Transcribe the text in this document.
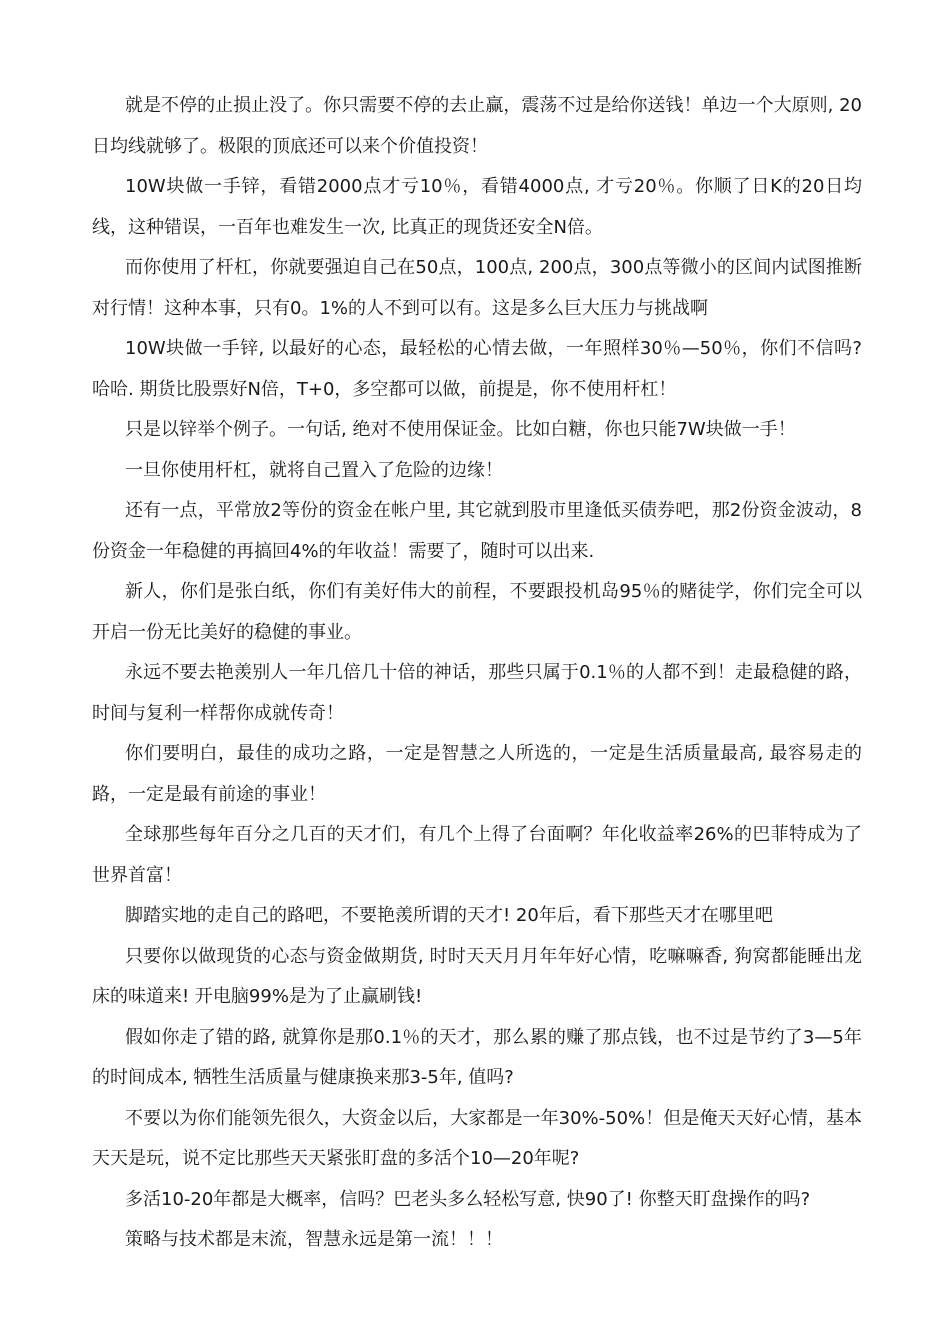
就是不停的止损止没了。你只需要不停的去止赢，震荡不过是给你送钱！单边一个大原则, 20日均线就够了。极限的顶底还可以来个价值投资！

10W块做一手锌，看错2000点才亏10％，看错4000点, 才亏20％。你顺了日K的20日均线，这种错误，一百年也难发生一次, 比真正的现货还安全N倍。

而你使用了杆杠，你就要强迫自己在50点，100点, 200点，300点等微小的区间内试图推断对行情！这种本事，只有0。1%的人不到可以有。这是多么巨大压力与挑战啊

10W块做一手锌, 以最好的心态，最轻松的心情去做，一年照样30％—50％，你们不信吗?哈哈. 期货比股票好N倍，T+0，多空都可以做，前提是，你不使用杆杠！

只是以锌举个例子。一句话, 绝对不使用保证金。比如白糖，你也只能7W块做一手！

一旦你使用杆杠，就将自己置入了危险的边缘！

还有一点，平常放2等份的资金在帐户里, 其它就到股市里逢低买债券吧，那2份资金波动，8份资金一年稳健的再搞回4%的年收益！需要了，随时可以出来.

新人，你们是张白纸，你们有美好伟大的前程，不要跟投机岛95％的赌徒学，你们完全可以开启一份无比美好的稳健的事业。

永远不要去艳羡别人一年几倍几十倍的神话，那些只属于0.1％的人都不到！走最稳健的路，时间与复利一样帮你成就传奇！

你们要明白，最佳的成功之路，一定是智慧之人所选的，一定是生活质量最高, 最容易走的路，一定是最有前途的事业！

全球那些每年百分之几百的天才们，有几个上得了台面啊？年化收益率26%的巴菲特成为了世界首富！

脚踏实地的走自己的路吧，不要艳羡所谓的天才! 20年后，看下那些天才在哪里吧

只要你以做现货的心态与资金做期货, 时时天天月月年年好心情，吃嘛嘛香, 狗窝都能睡出龙床的味道来! 开电脑99%是为了止赢刷钱!

假如你走了错的路, 就算你是那0.1％的天才，那么累的赚了那点钱，也不过是节约了3—5年的时间成本, 牺牲生活质量与健康换来那3-5年, 值吗?

不要以为你们能领先很久，大资金以后，大家都是一年30%-50%！但是俺天天好心情，基本天天是玩，说不定比那些天天紧张盯盘的多活个10—20年呢?

多活10-20年都是大概率，信吗？巴老头多么轻松写意, 快90了! 你整天盯盘操作的吗?

策略与技术都是末流，智慧永远是第一流！！！
